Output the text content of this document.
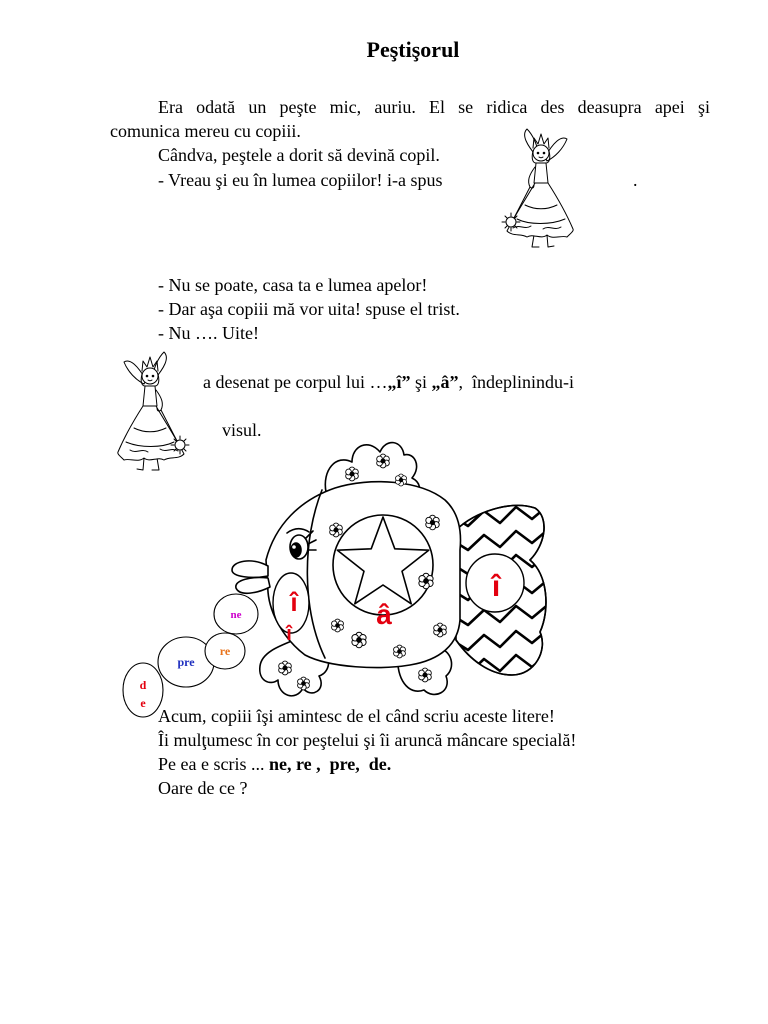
Peştişorul
Era odată un peşte mic, auriu. El se ridica des deasupra apei şi
comunica mereu cu copiii.
Cândva, peştele a dorit să devină copil.
- Vreau şi eu în lumea copiilor! i-a spus	.
- Nu se poate, casa ta e lumea apelor!
- Dar aşa copiii mă vor uita! spuse el trist.
- Nu …. Uite!
a desenat pe corpul lui …„î” şi „â”,  îndeplinindu-i
visul.
î
î
î
â
ne
re
pre
d
e
Acum, copiii îşi amintesc de el când scriu aceste litere!
Îi mulţumesc în cor peştelui şi îi aruncă mâncare specială!
Pe ea e scris ... ne, re ,  pre,  de.
Oare de ce ?
